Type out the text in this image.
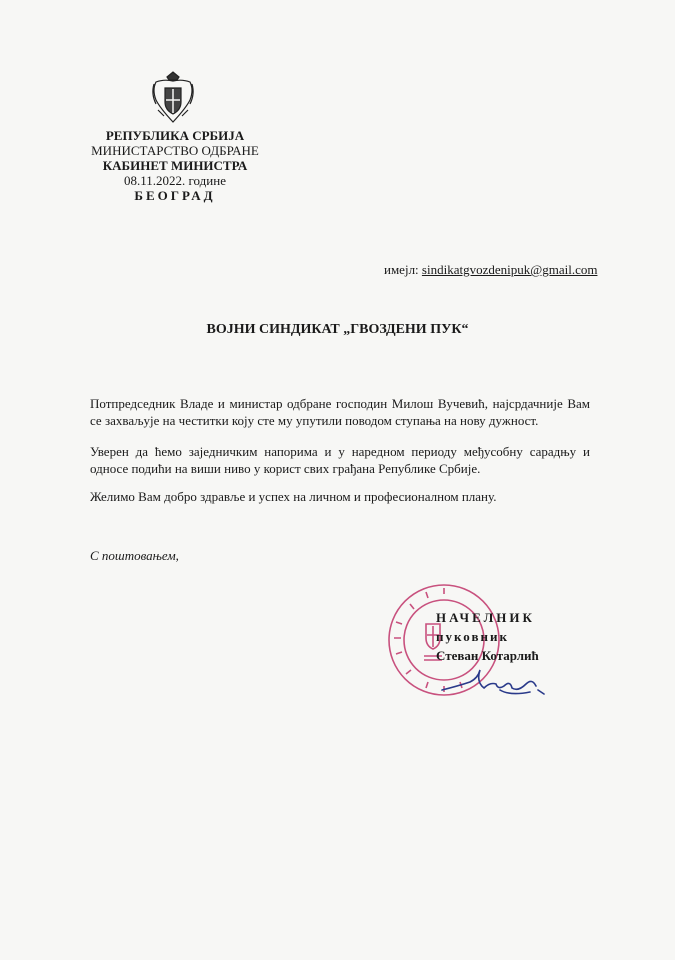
РЕПУБЛИКА СРБИЈА
МИНИСТАРСТВО ОДБРАНЕ
КАБИНЕТ МИНИСТРА
08.11.2022. године
БЕОГРАД
имејл: sindikatgvozdenipuk@gmail.com
ВОЈНИ СИНДИКАТ „ГВОЗДЕНИ ПУК“
Потпредседник Владе и министар одбране господин Милош Вучевић, најсрдачније Вам се захваљује на честитки коју сте му упутили поводом ступања на нову дужност.
Уверен да ћемо заједничким напорима и у наредном периоду међусобну сарадњу и односе подићи на виши ниво у корист свих грађана Републике Србије.
Желимо Вам добро здравље и успех на личном и професионалном плану.
С поштовањем,
НАЧЕЛНИК
пуковник
Стеван Котарлић
